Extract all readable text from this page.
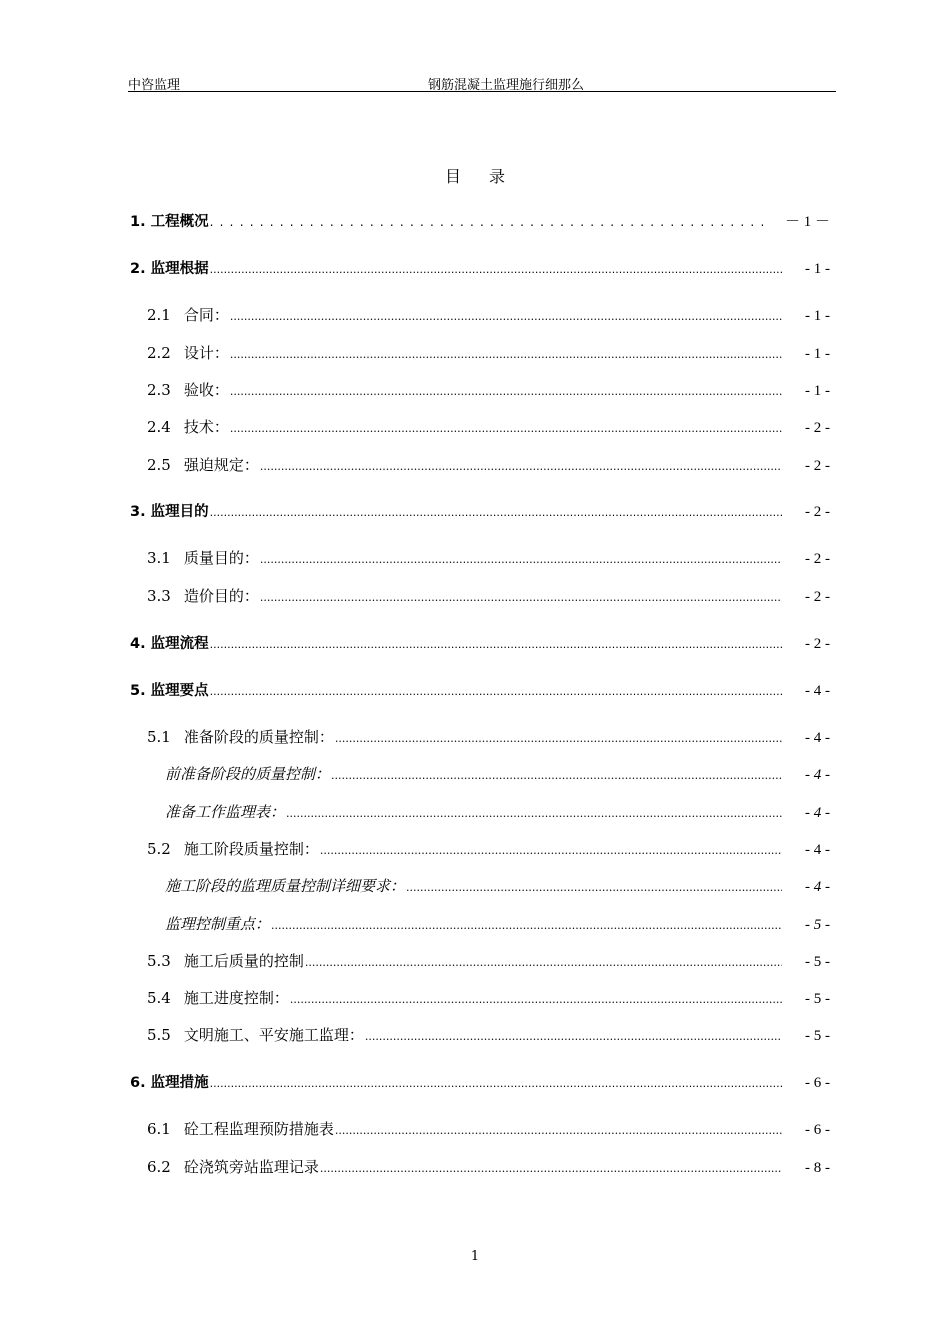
中咨监理	钢筋混凝土监理施行细那么
目录
1. 工程概况 .....	－ 1 －
2. 监理根据 .....	- 1 -
2.1 合同： .....	- 1 -
2.2 设计： .....	- 1 -
2.3 验收： .....	- 1 -
2.4 技术： .....	- 2 -
2.5 强迫规定： .....	- 2 -
3. 监理目的 .....	- 2 -
3.1 质量目的： .....	- 2 -
3.3 造价目的： .....	- 2 -
4. 监理流程 .....	- 2 -
5. 监理要点 .....	- 4 -
5.1 准备阶段的质量控制： .....	- 4 -
前准备阶段的质量控制： .....	- 4 -
准备工作监理表： .....	- 4 -
5.2 施工阶段质量控制： .....	- 4 -
施工阶段的监理质量控制详细要求： .....	- 4 -
监理控制重点： .....	- 5 -
5.3 施工后质量的控制 .....	- 5 -
5.4 施工进度控制： .....	- 5 -
5.5 文明施工、平安施工监理： .....	- 5 -
6. 监理措施 .....	- 6 -
6.1 砼工程监理预防措施表 .....	- 6 -
6.2 砼浇筑旁站监理记录 .....	- 8 -
1
